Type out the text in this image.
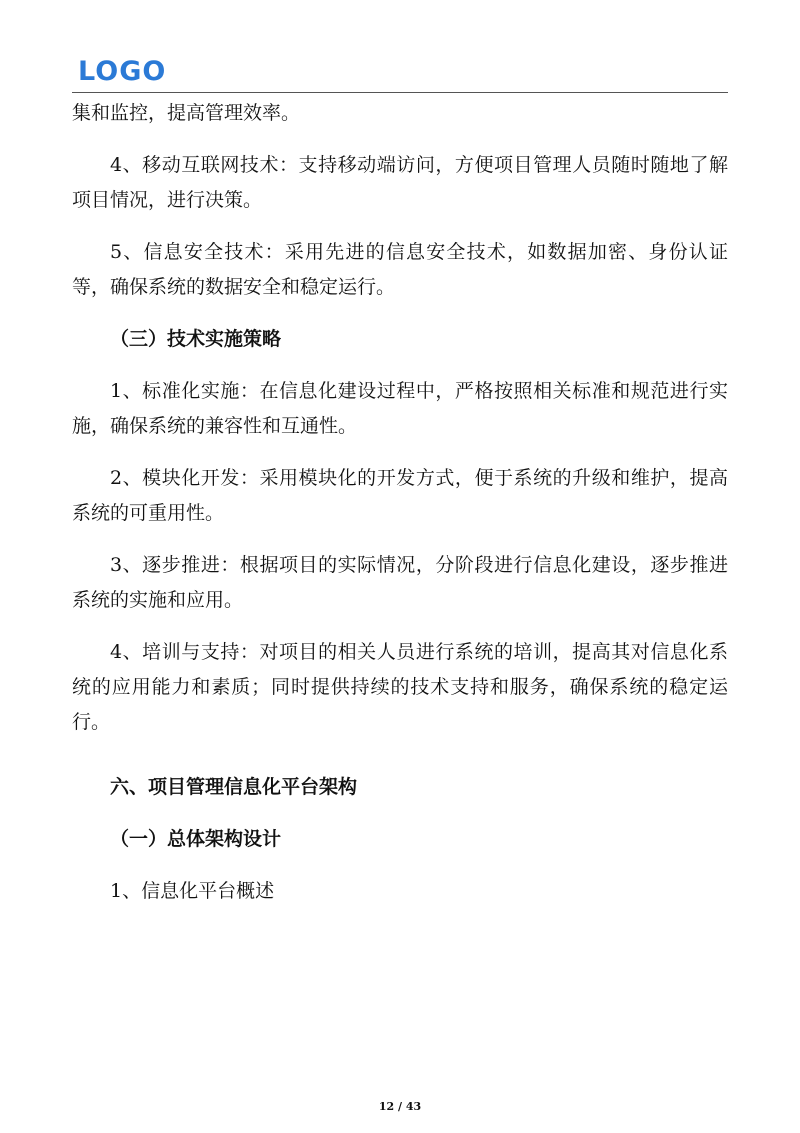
LOGO

集和监控，提高管理效率。

4、移动互联网技术：支持移动端访问，方便项目管理人员随时随地了解项目情况，进行决策。

5、信息安全技术：采用先进的信息安全技术，如数据加密、身份认证等，确保系统的数据安全和稳定运行。

（三）技术实施策略

1、标准化实施：在信息化建设过程中，严格按照相关标准和规范进行实施，确保系统的兼容性和互通性。

2、模块化开发：采用模块化的开发方式，便于系统的升级和维护，提高系统的可重用性。

3、逐步推进：根据项目的实际情况，分阶段进行信息化建设，逐步推进系统的实施和应用。

4、培训与支持：对项目的相关人员进行系统的培训，提高其对信息化系统的应用能力和素质；同时提供持续的技术支持和服务，确保系统的稳定运行。

六、项目管理信息化平台架构

（一）总体架构设计

1、信息化平台概述

12 / 43
